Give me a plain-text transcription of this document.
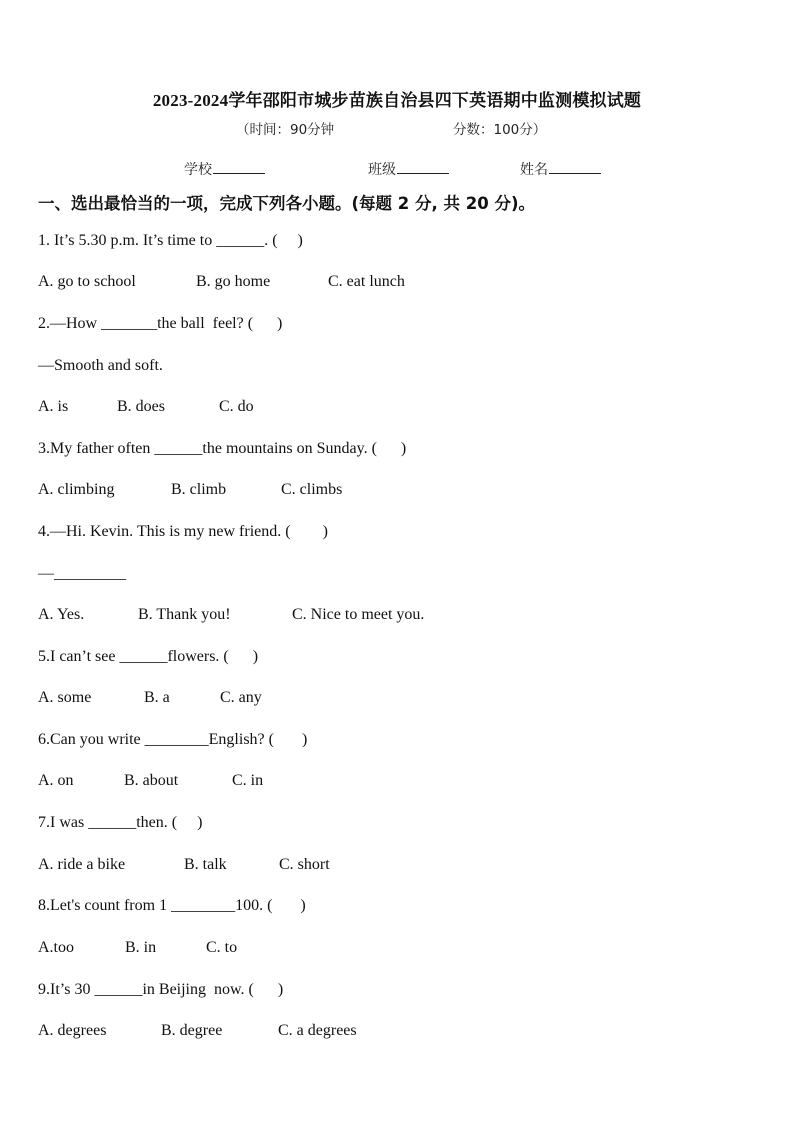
2023-2024学年邵阳市城步苗族自治县四下英语期中监测模拟试题
（时间：90分钟	分数：100分）
学校	班级	姓名
一、选出最恰当的一项，完成下列各小题。(每题 2 分, 共 20 分)。
1. It’s 5.30 p.m. It’s time to ______. (     )
A. go to school	B. go home	C. eat lunch
2.—How _______the ball  feel? (      )
—Smooth and soft.
A. is	B. does	C. do
3.My father often ______the mountains on Sunday. (      )
A. climbing	B. climb	C. climbs
4.—Hi. Kevin. This is my new friend. (        )
—_________
A. Yes.	B. Thank you!	C. Nice to meet you.
5.I can’t see ______flowers. (      )
A. some	B. a	C. any
6.Can you write ________English? (       )
A. on	B. about	C. in
7.I was ______then. (     )
A. ride a bike	B. talk	C. short
8.Let's count from 1 ________100. (       )
A.too	B. in	C. to
9.It’s 30 ______in Beijing  now. (      )
A. degrees	B. degree	C. a degrees
